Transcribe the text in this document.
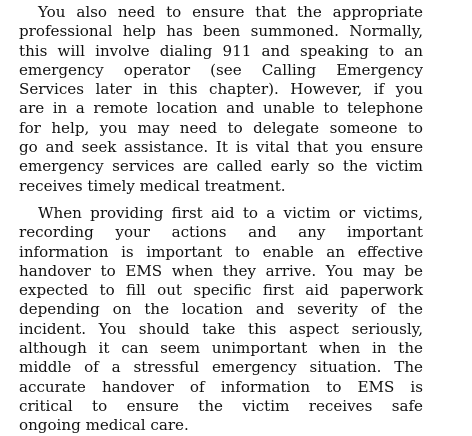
You also need to ensure that the appropriate
professional help has been summoned. Normally,
this will involve dialing 911 and speaking to an
emergency operator (see Calling Emergency
Services later in this chapter). However, if you
are in a remote location and unable to telephone
for help, you may need to delegate someone to
go and seek assistance. It is vital that you ensure
emergency services are called early so the victim
receives timely medical treatment.
When providing first aid to a victim or victims,
recording your actions and any important
information is important to enable an effective
handover to EMS when they arrive. You may be
expected to fill out specific first aid paperwork
depending on the location and severity of the
incident. You should take this aspect seriously,
although it can seem unimportant when in the
middle of a stressful emergency situation. The
accurate handover of information to EMS is
critical to ensure the victim receives safe
ongoing medical care.
